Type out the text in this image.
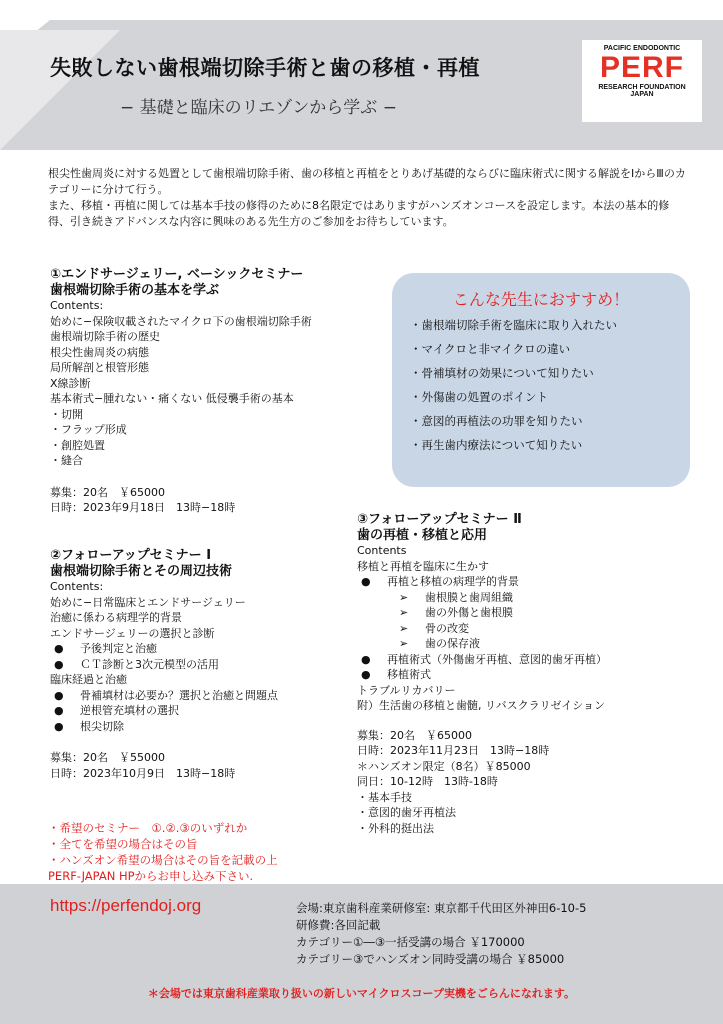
失敗しない歯根端切除手術と歯の移植・再植
− 基礎と臨床のリエゾンから学ぶ −
PACIFIC ENDODONTIC
PERF
RESEARCH FOUNDATION
JAPAN

根尖性歯周炎に対する処置として歯根端切除手術、歯の移植と再植をとりあげ基礎的ならびに臨床術式に関する解説をⅠからⅢのカテゴリーに分けて行う。

また、移植・再植に関しては基本手技の修得のために8名限定ではありますがハンズオンコースを設定します。本法の基本的修得、引き続きアドバンスな内容に興味のある先生方のご参加をお待ちしています。

①エンドサージェリー, ベーシックセミナー
歯根端切除手術の基本を学ぶ
Contents:
始めに−保険収載されたマイクロ下の歯根端切除手術
歯根端切除手術の歴史
根尖性歯周炎の病態
局所解剖と根管形態
X線診断
基本術式−腫れない・痛くない 低侵襲手術の基本
・ 切開
・ フラップ形成
・ 創腔処置
・ 縫合
募集：20名　￥65000
日時：2023年9月18日　13時−18時
②フォローアップセミナー Ⅰ
歯根端切除手術とその周辺技術
Contents:
始めに−日常臨床とエンドサージェリー
治癒に係わる病理学的背景
エンドサージェリーの選択と診断
● 予後判定と治癒
● ＣＴ診断と3次元模型の活用
臨床経過と治癒
● 骨補填材は必要か？選択と治癒と問題点
● 逆根管充填材の選択
● 根尖切除
募集：20名　￥55000
日時：2023年10月9日　13時−18時
こんな先生におすすめ！
・ 歯根端切除手術を臨床に取り入れたい
・ マイクロと非マイクロの違い
・ 骨補填材の効果について知りたい
・ 外傷歯の処置のポイント
・ 意図的再植法の功罪を知りたい
・ 再生歯内療法について知りたい
③フォローアップセミナー Ⅱ
歯の再植・移植と応用
Contents
移植と再植を臨床に生かす
● 再植と移植の病理学的背景
➢ 歯根膜と歯周組織
➢ 歯の外傷と歯根膜
➢ 骨の改変
➢ 歯の保存液
● 再植術式（外傷歯牙再植、意図的歯牙再植）
● 移植術式
トラブルリカバリー
附）生活歯の移植と歯髄, リバスクラリゼイション
募集：20名　￥65000
日時：2023年11月23日　13時−18時
＊ハンズオン限定（8名）￥85000
同日：10-12時　13時-18時
・ 基本手技
・ 意図的歯牙再植法
・ 外科的挺出法
・希望のセミナー　①.②.③のいずれか
・全てを希望の場合はその旨
・ハンズオン希望の場合はその旨を記載の上
PERF-JAPAN HPからお申し込み下さい.
https://perfendoj.org	会場:東京歯科産業研修室: 東京都千代田区外神田6-10-5
研修費:各回記載
カテゴリー①―③一括受講の場合 ￥170000
カテゴリー③でハンズオン同時受講の場合 ￥85000
＊会場では東京歯科産業取り扱いの新しいマイクロスコープ実機をごらんになれます。
